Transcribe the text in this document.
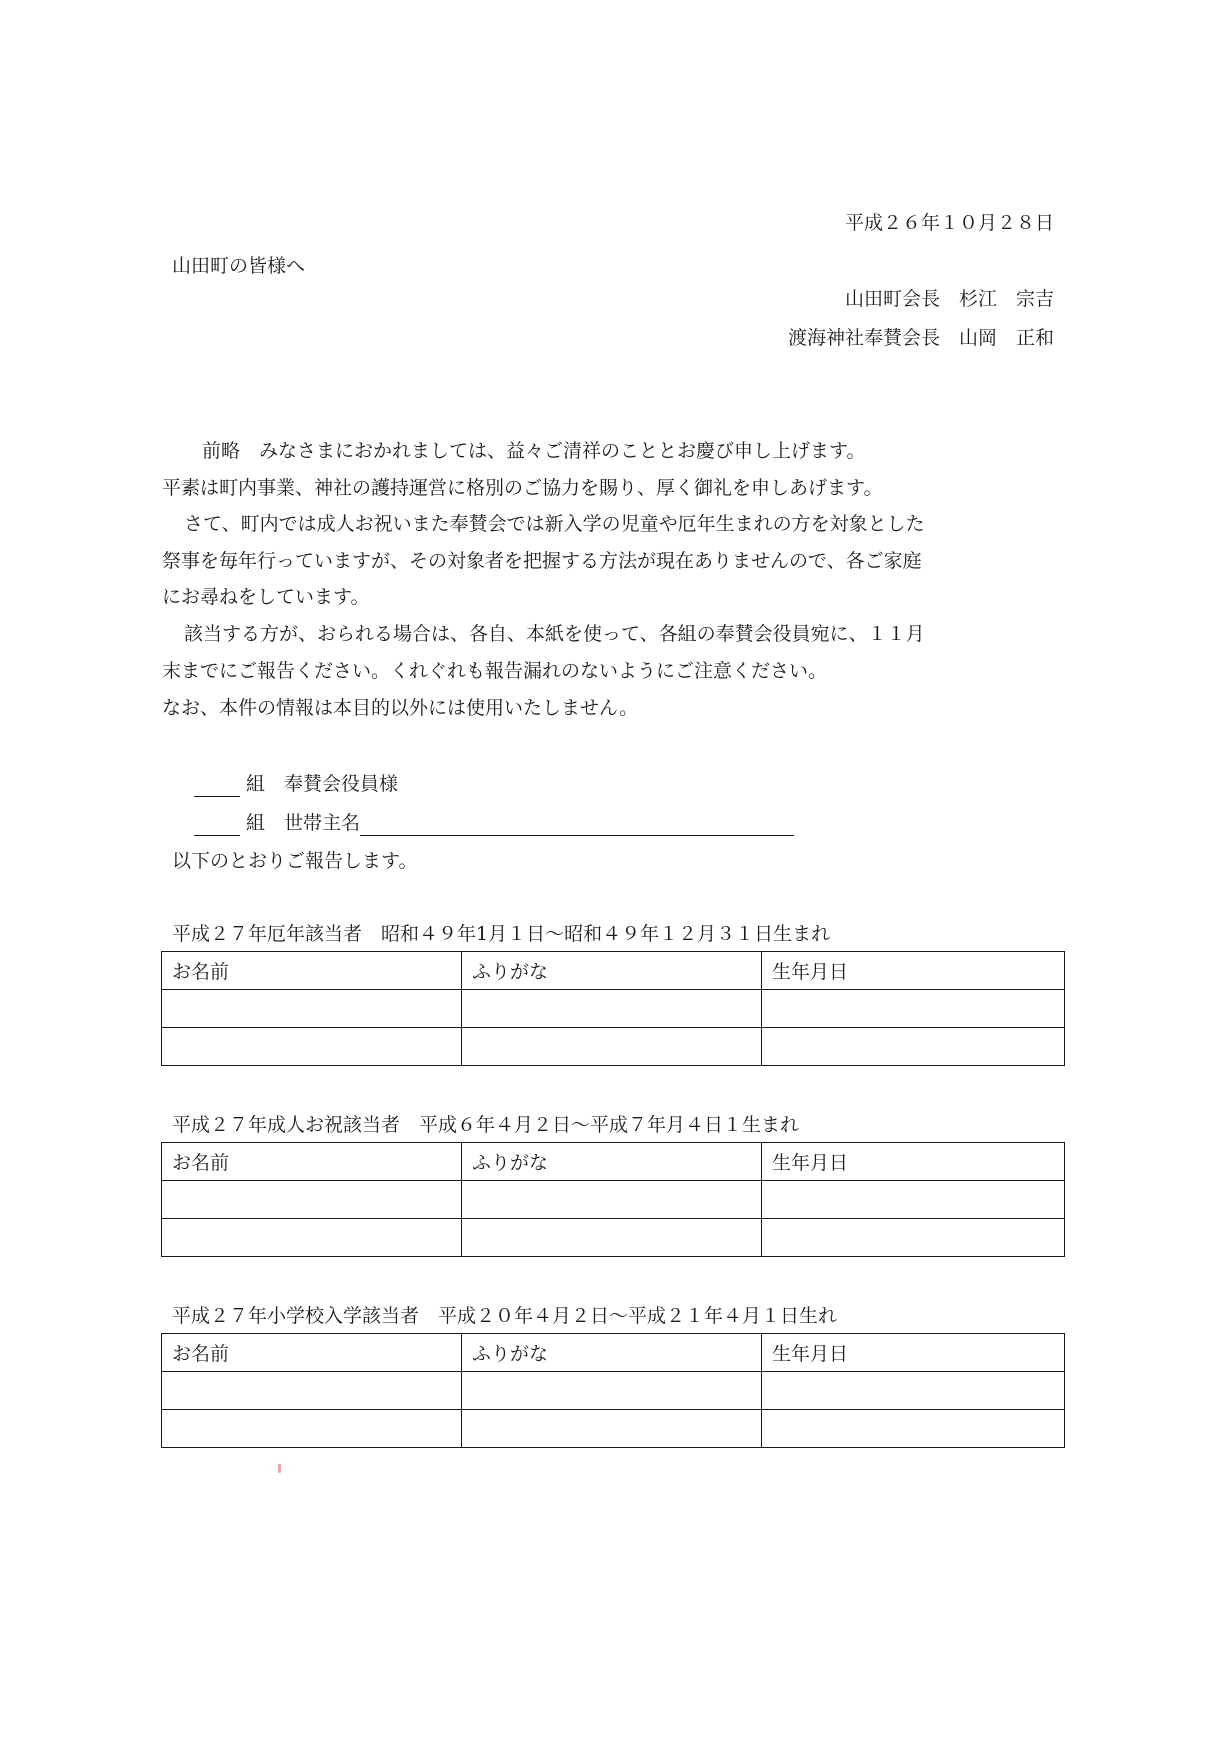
平成２６年１０月２８日
山田町の皆様へ
山田町会長　杉江　宗吉
渡海神社奉賛会長　山岡　正和
前略　みなさまにおかれましては、益々ご清祥のこととお慶び申し上げます。
平素は町内事業、神社の護持運営に格別のご協力を賜り、厚く御礼を申しあげます。
さて、町内では成人お祝いまた奉賛会では新入学の児童や厄年生まれの方を対象とした
祭事を毎年行っていますが、その対象者を把握する方法が現在ありませんので、各ご家庭
にお尋ねをしています。
該当する方が、おられる場合は、各自、本紙を使って、各組の奉賛会役員宛に、１１月
末までにご報告ください。くれぐれも報告漏れのないようにご注意ください。
なお、本件の情報は本目的以外には使用いたしません。
組　 奉賛会役員様
組　 世帯主名
以下のとおりご報告します。
平成２７年厄年該当者　昭和４９年1月１日～昭和４９年１２月３１日生まれ
お名前	ふりがな	生年月日

平成２７年成人お祝該当者　平成６年４月２日～平成７年月４日１生まれ
お名前	ふりがな	生年月日

平成２７年小学校入学該当者　平成２０年４月２日～平成２１年４月１日生れ
お名前	ふりがな	生年月日
